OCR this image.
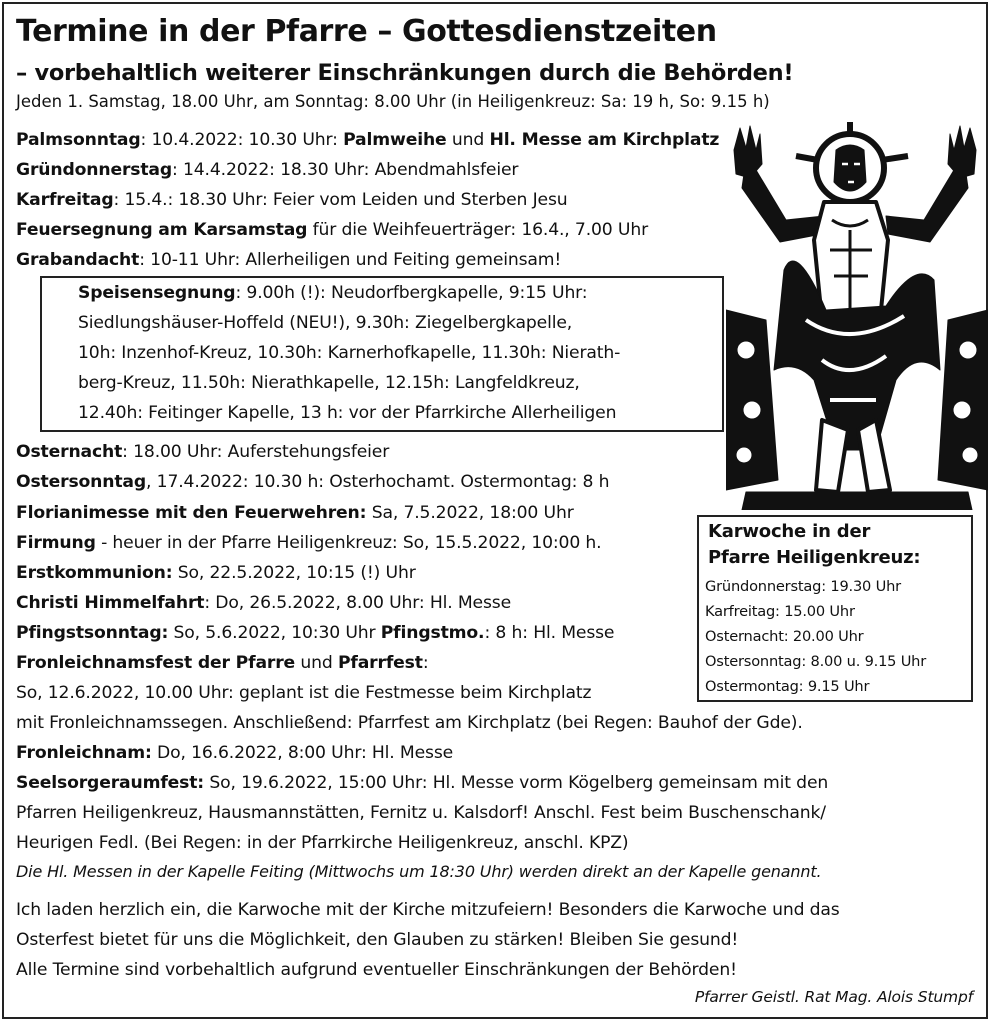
Termine in der Pfarre – Gottesdienstzeiten
– vorbehaltlich weiterer Einschränkungen durch die Behörden!
Jeden 1. Samstag, 18.00 Uhr, am Sonntag: 8.00 Uhr (in Heiligenkreuz: Sa: 19 h, So: 9.15 h)
Palmsonntag: 10.4.2022: 10.30 Uhr: Palmweihe und Hl. Messe am Kirchplatz
Gründonnerstag: 14.4.2022: 18.30 Uhr: Abendmahlsfeier
Karfreitag: 15.4.: 18.30 Uhr: Feier vom Leiden und Sterben Jesu
Feuersegnung am Karsamstag für die Weihfeuerträger: 16.4., 7.00 Uhr
Grabandacht: 10-11 Uhr: Allerheiligen und Feiting gemeinsam!
Speisensegnung: 9.00h (!): Neudorfbergkapelle, 9:15 Uhr:
Siedlungshäuser-Hoffeld (NEU!), 9.30h: Ziegelbergkapelle,
10h: Inzenhof-Kreuz, 10.30h: Karnerhofkapelle, 11.30h: Nierath-
berg-Kreuz, 11.50h: Nierathkapelle, 12.15h: Langfeldkreuz,
12.40h: Feitinger Kapelle, 13 h: vor der Pfarrkirche Allerheiligen
Osternacht: 18.00 Uhr: Auferstehungsfeier
Ostersonntag, 17.4.2022: 10.30 h: Osterhochamt. Ostermontag: 8 h
Florianimesse mit den Feuerwehren: Sa, 7.5.2022, 18:00 Uhr
Firmung - heuer in der Pfarre Heiligenkreuz: So, 15.5.2022, 10:00 h.
Erstkommunion: So, 22.5.2022, 10:15 (!) Uhr
Christi Himmelfahrt: Do, 26.5.2022, 8.00 Uhr: Hl. Messe
Pfingstsonntag: So, 5.6.2022, 10:30 Uhr Pfingstmo.: 8 h: Hl. Messe
Fronleichnamsfest der Pfarre und Pfarrfest:
So, 12.6.2022, 10.00 Uhr: geplant ist die Festmesse beim Kirchplatz
mit Fronleichnamssegen. Anschließend: Pfarrfest am Kirchplatz (bei Regen: Bauhof der Gde).
Fronleichnam: Do, 16.6.2022, 8:00 Uhr: Hl. Messe
Seelsorgeraumfest: So, 19.6.2022, 15:00 Uhr: Hl. Messe vorm Kögelberg gemeinsam mit den
Pfarren Heiligenkreuz, Hausmannstätten, Fernitz u. Kalsdorf! Anschl. Fest beim Buschenschank/
Heurigen Fedl. (Bei Regen: in der Pfarrkirche Heiligenkreuz, anschl. KPZ)
Die Hl. Messen in der Kapelle Feiting (Mittwochs um 18:30 Uhr) werden direkt an der Kapelle genannt.
Ich laden herzlich ein, die Karwoche mit der Kirche mitzufeiern! Besonders die Karwoche und das
Osterfest bietet für uns die Möglichkeit, den Glauben zu stärken! Bleiben Sie gesund!
Alle Termine sind vorbehaltlich aufgrund eventueller Einschränkungen der Behörden!
Pfarrer Geistl. Rat Mag. Alois Stumpf
Karwoche in der
Pfarre Heiligenkreuz:
Gründonnerstag: 19.30 Uhr
Karfreitag: 15.00 Uhr
Osternacht: 20.00 Uhr
Ostersonntag: 8.00 u. 9.15 Uhr
Ostermontag: 9.15 Uhr
